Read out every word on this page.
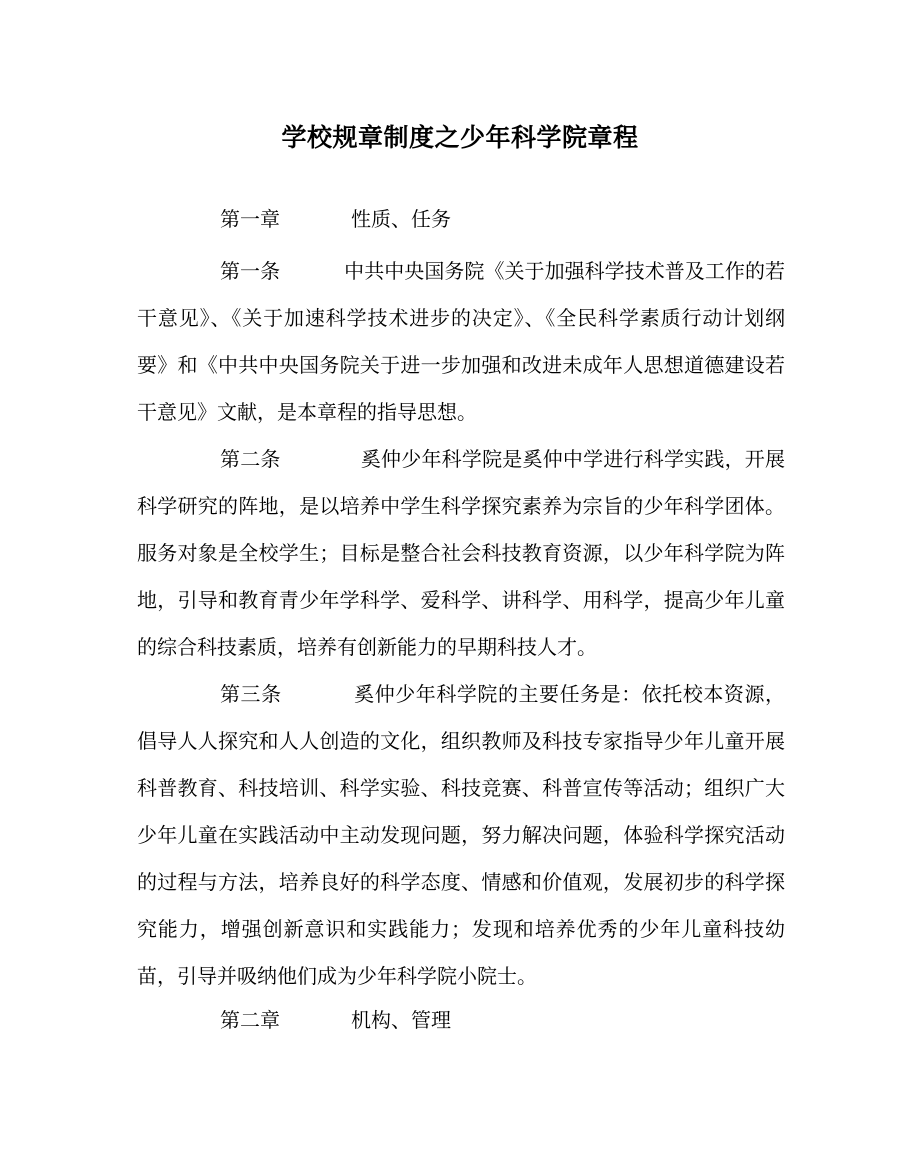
学校规章制度之少年科学院章程
第一章	性质、任务

第一条	中共中央国务院《关于加强科学技术普及工作的若干意见》、《关于加速科学技术进步的决定》、《全民科学素质行动计划纲要》和《中共中央国务院关于进一步加强和改进未成年人思想道德建设若干意见》文献，是本章程的指导思想。

第二条	奚仲少年科学院是奚仲中学进行科学实践，开展科学研究的阵地，是以培养中学生科学探究素养为宗旨的少年科学团体。服务对象是全校学生；目标是整合社会科技教育资源，以少年科学院为阵地，引导和教育青少年学科学、爱科学、讲科学、用科学，提高少年儿童的综合科技素质，培养有创新能力的早期科技人才。

第三条	奚仲少年科学院的主要任务是：依托校本资源，倡导人人探究和人人创造的文化，组织教师及科技专家指导少年儿童开展科普教育、科技培训、科学实验、科技竞赛、科普宣传等活动；组织广大少年儿童在实践活动中主动发现问题，努力解决问题，体验科学探究活动的过程与方法，培养良好的科学态度、情感和价值观，发展初步的科学探究能力，增强创新意识和实践能力；发现和培养优秀的少年儿童科技幼苗，引导并吸纳他们成为少年科学院小院士。

第二章	机构、管理
